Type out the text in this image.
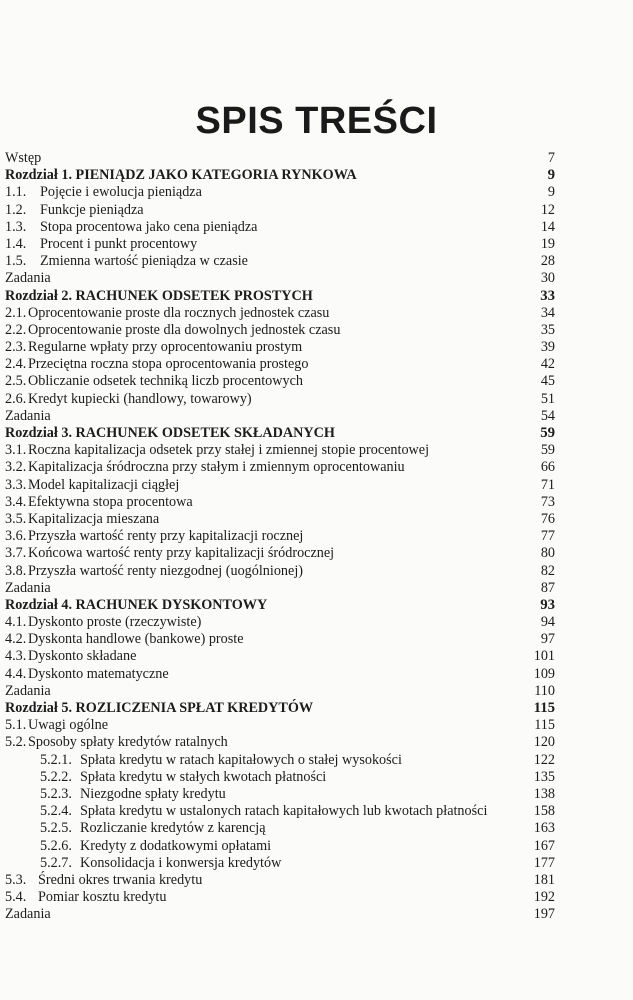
SPIS TREŚCI
Wstęp	7
Rozdział 1. PIENIĄDZ JAKO KATEGORIA RYNKOWA	9
1.1. Pojęcie i ewolucja pieniądza	9
1.2. Funkcje pieniądza	12
1.3. Stopa procentowa jako cena pieniądza	14
1.4. Procent i punkt procentowy	19
1.5. Zmienna wartość pieniądza w czasie	28
Zadania	30
Rozdział 2. RACHUNEK ODSETEK PROSTYCH	33
2.1. Oprocentowanie proste dla rocznych jednostek czasu	34
2.2. Oprocentowanie proste dla dowolnych jednostek czasu	35
2.3. Regularne wpłaty przy oprocentowaniu prostym	39
2.4. Przeciętna roczna stopa oprocentowania prostego	42
2.5. Obliczanie odsetek techniką liczb procentowych	45
2.6. Kredyt kupiecki (handlowy, towarowy)	51
Zadania	54
Rozdział 3. RACHUNEK ODSETEK SKŁADANYCH	59
3.1. Roczna kapitalizacja odsetek przy stałej i zmiennej stopie procentowej	59
3.2. Kapitalizacja śródroczna przy stałym i zmiennym oprocentowaniu	66
3.3. Model kapitalizacji ciągłej	71
3.4. Efektywna stopa procentowa	73
3.5. Kapitalizacja mieszana	76
3.6. Przyszła wartość renty przy kapitalizacji rocznej	77
3.7. Końcowa wartość renty przy kapitalizacji śródrocznej	80
3.8. Przyszła wartość renty niezgodnej (uogólnionej)	82
Zadania	87
Rozdział 4. RACHUNEK DYSKONTOWY	93
4.1. Dyskonto proste (rzeczywiste)	94
4.2. Dyskonta handlowe (bankowe) proste	97
4.3. Dyskonto składane	101
4.4. Dyskonto matematyczne	109
Zadania	110
Rozdział 5. ROZLICZENIA SPŁAT KREDYTÓW	115
5.1. Uwagi ogólne	115
5.2. Sposoby spłaty kredytów ratalnych	120
5.2.1. Spłata kredytu w ratach kapitałowych o stałej wysokości	122
5.2.2. Spłata kredytu w stałych kwotach płatności	135
5.2.3. Niezgodne spłaty kredytu	138
5.2.4. Spłata kredytu w ustalonych ratach kapitałowych lub kwotach płatności	158
5.2.5. Rozliczanie kredytów z karencją	163
5.2.6. Kredyty z dodatkowymi opłatami	167
5.2.7. Konsolidacja i konwersja kredytów	177
5.3. Średni okres trwania kredytu	181
5.4. Pomiar kosztu kredytu	192
Zadania	197
